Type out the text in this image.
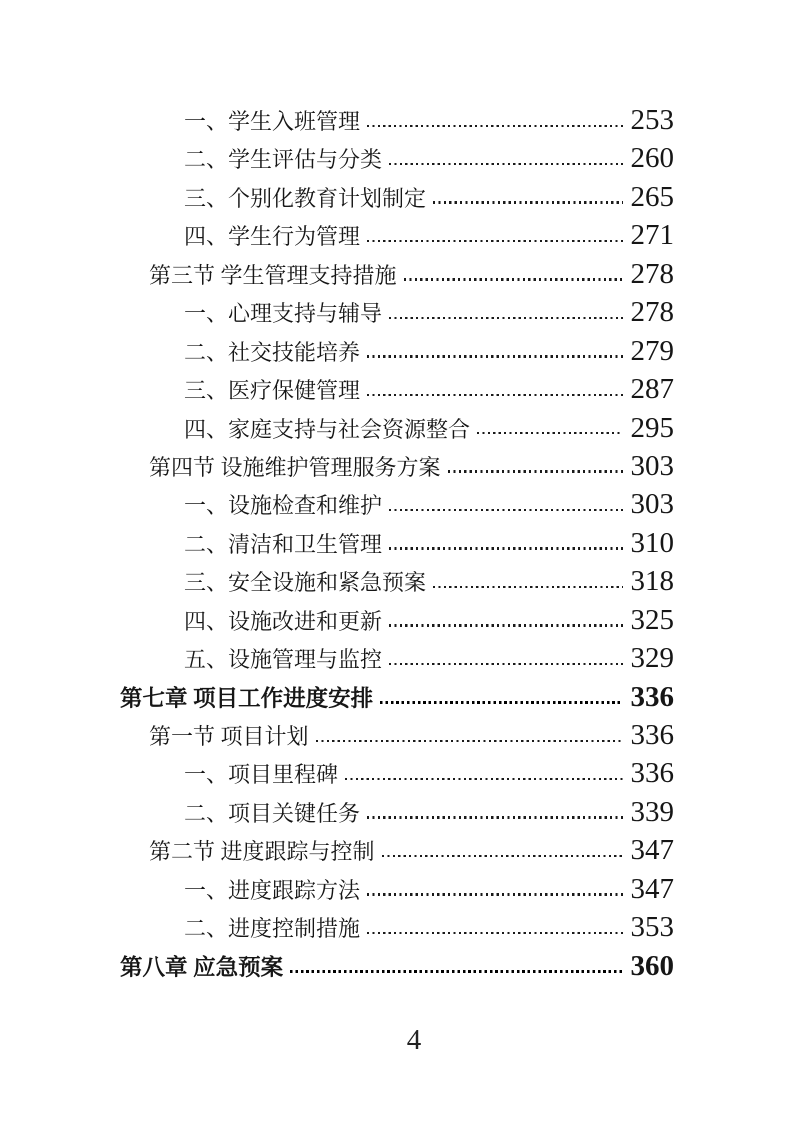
一、学生入班管理	253
二、学生评估与分类	260
三、个别化教育计划制定	265
四、学生行为管理	271
第三节 学生管理支持措施	278
一、心理支持与辅导	278
二、社交技能培养	279
三、医疗保健管理	287
四、家庭支持与社会资源整合	295
第四节 设施维护管理服务方案	303
一、设施检查和维护	303
二、清洁和卫生管理	310
三、安全设施和紧急预案	318
四、设施改进和更新	325
五、设施管理与监控	329
第七章 项目工作进度安排	336
第一节 项目计划	336
一、项目里程碑	336
二、项目关键任务	339
第二节 进度跟踪与控制	347
一、进度跟踪方法	347
二、进度控制措施	353
第八章 应急预案	360
4
